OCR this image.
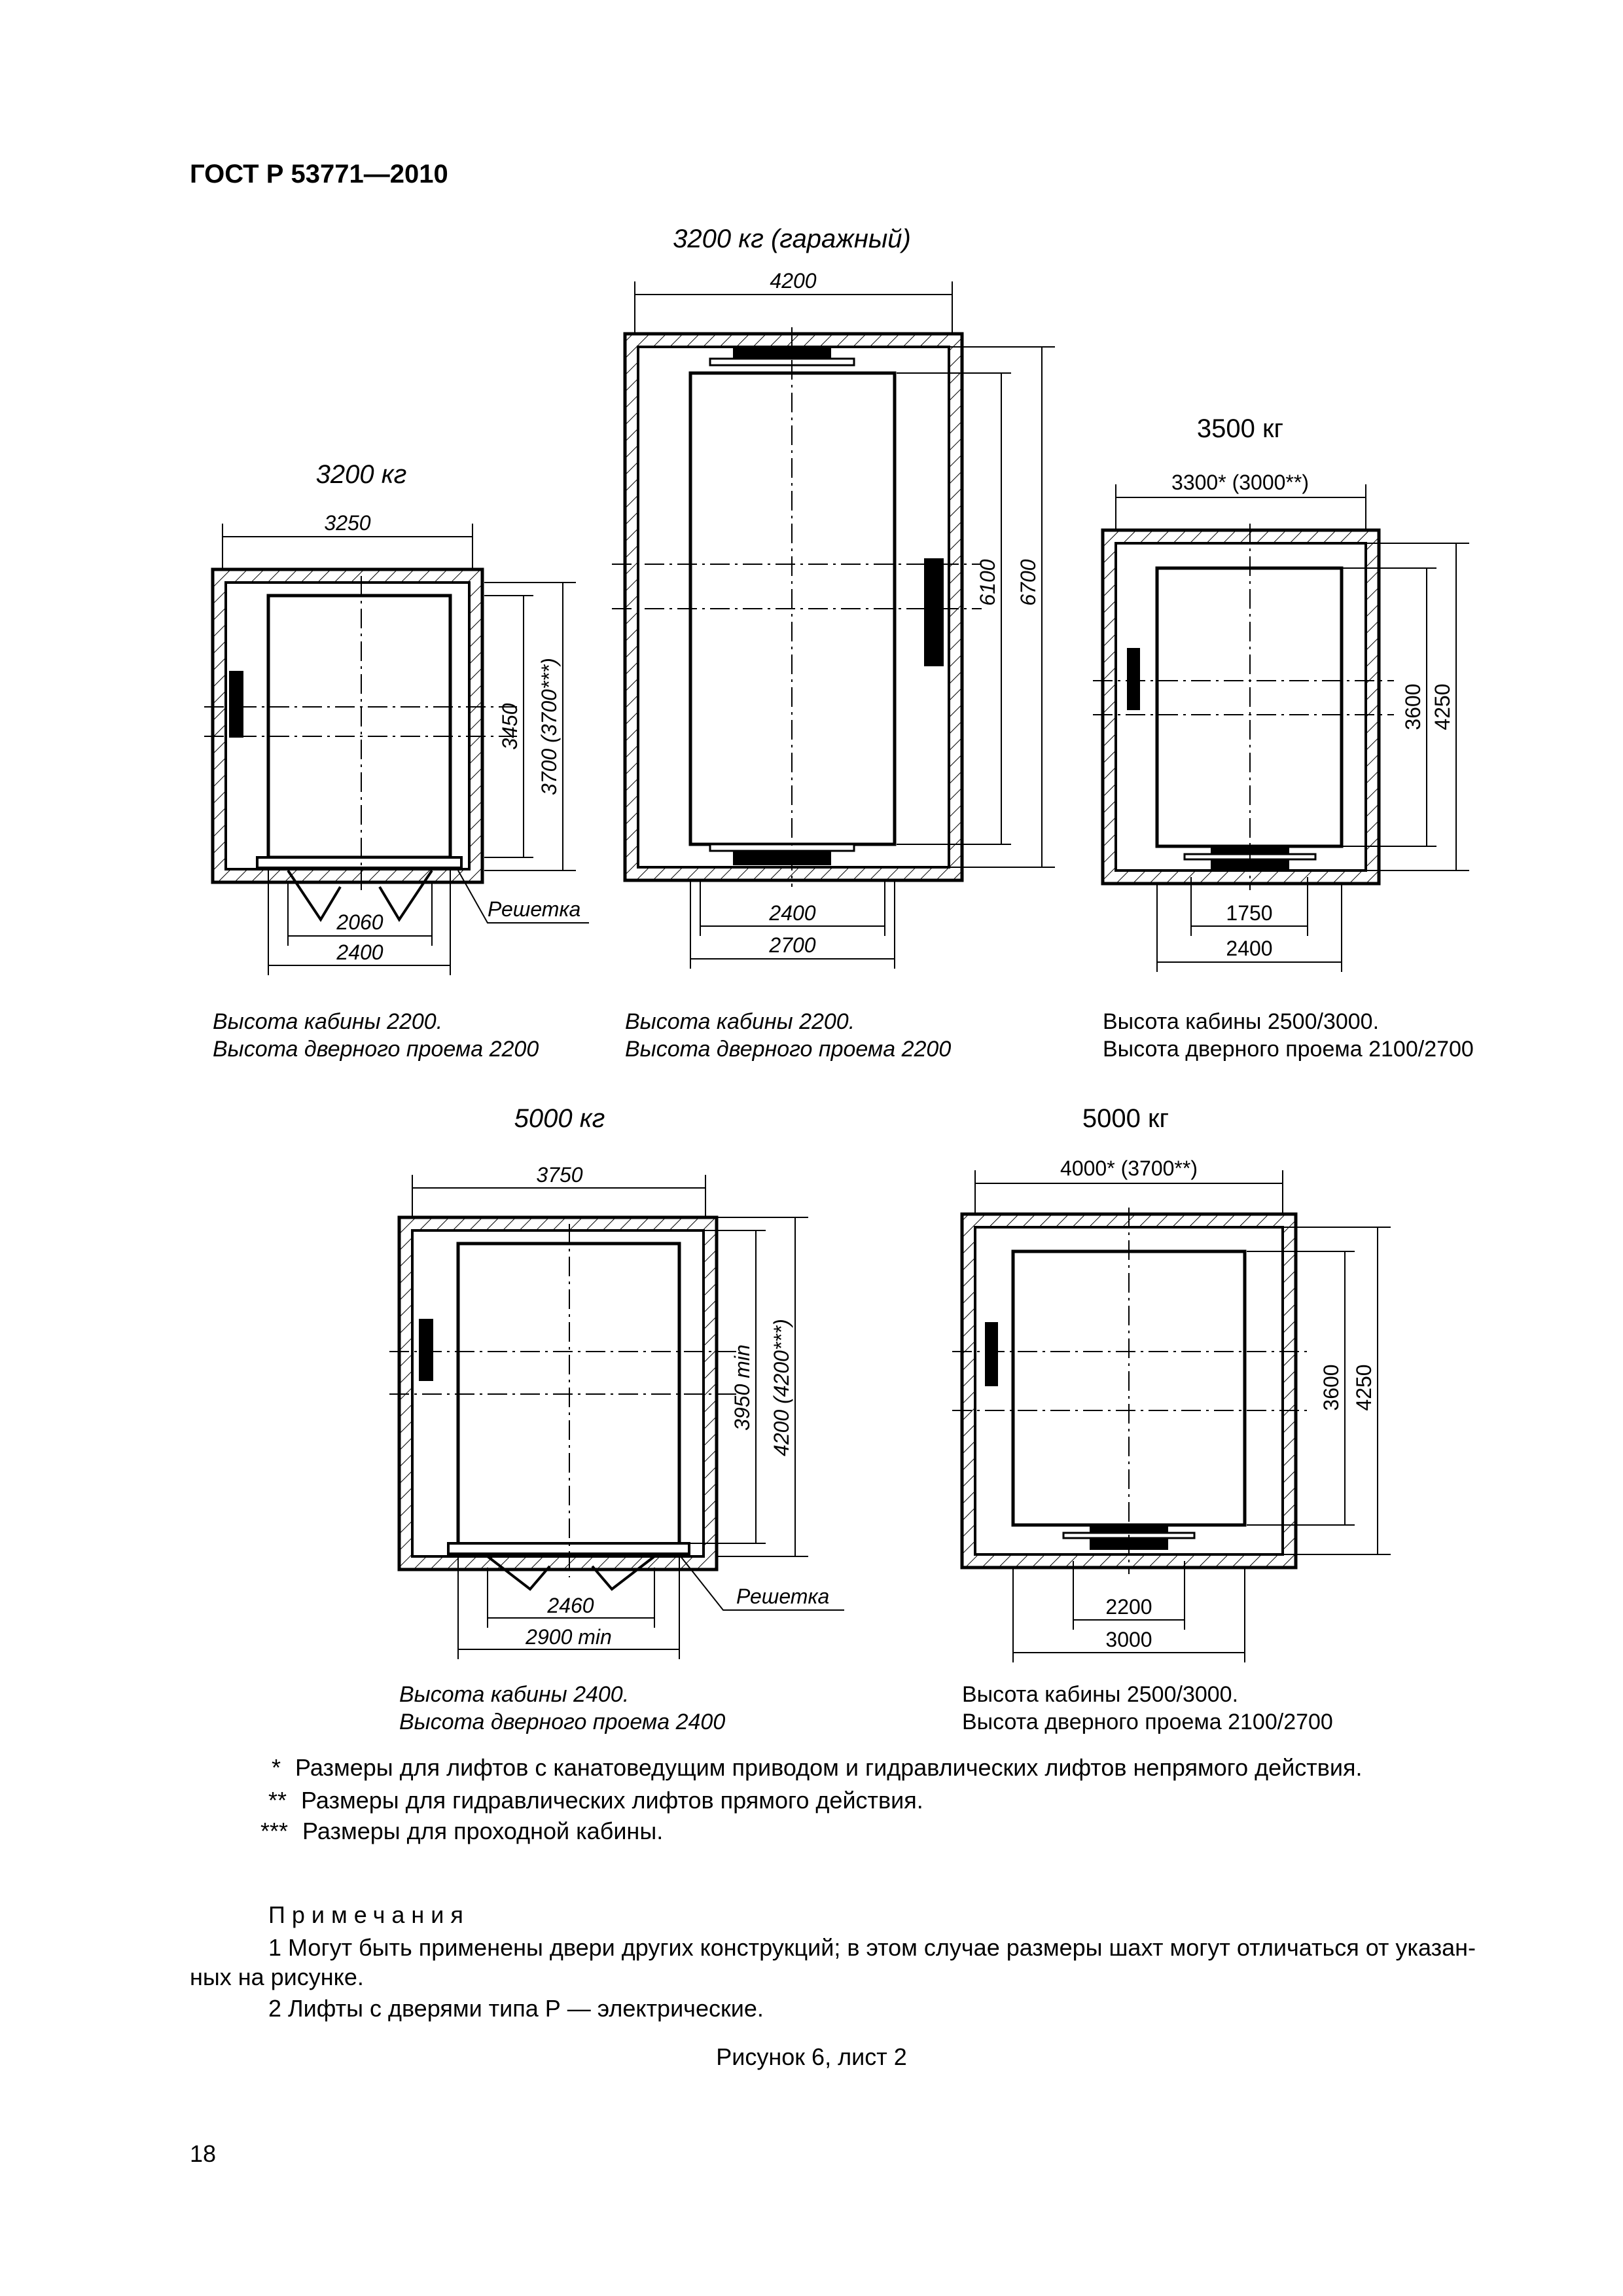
ГОСТ Р 53771—2010
3200 кг
3250
3450 3700 (3700***)
2060
2400
Решетка
Высота кабины 2200.
Высота дверного проема 2200
3200 кг (гаражный)
4200
6100 6700
2400
2700
Высота кабины 2200.
Высота дверного проема 2200
3500 кг
3300* (3000**)
3600 4250
1750
2400
Высота кабины 2500/3000.
Высота дверного проема 2100/2700
5000 кг
3750
3950 min 4200 (4200***)
2460
2900 min
Решетка
Высота кабины 2400.
Высота дверного проема 2400
5000 кг
4000* (3700**)
3600 4250
2200
3000
Высота кабины 2500/3000.
Высота дверного проема 2100/2700
* Размеры для лифтов с канатоведущим приводом и гидравлических лифтов непрямого действия.
** Размеры для гидравлических лифтов прямого действия.
*** Размеры для проходной кабины.
Примечания
1 Могут быть применены двери других конструкций; в этом случае размеры шахт могут отличаться от указан-
ных на рисунке.
2 Лифты с дверями типа Р — электрические.
Рисунок 6, лист 2
18
